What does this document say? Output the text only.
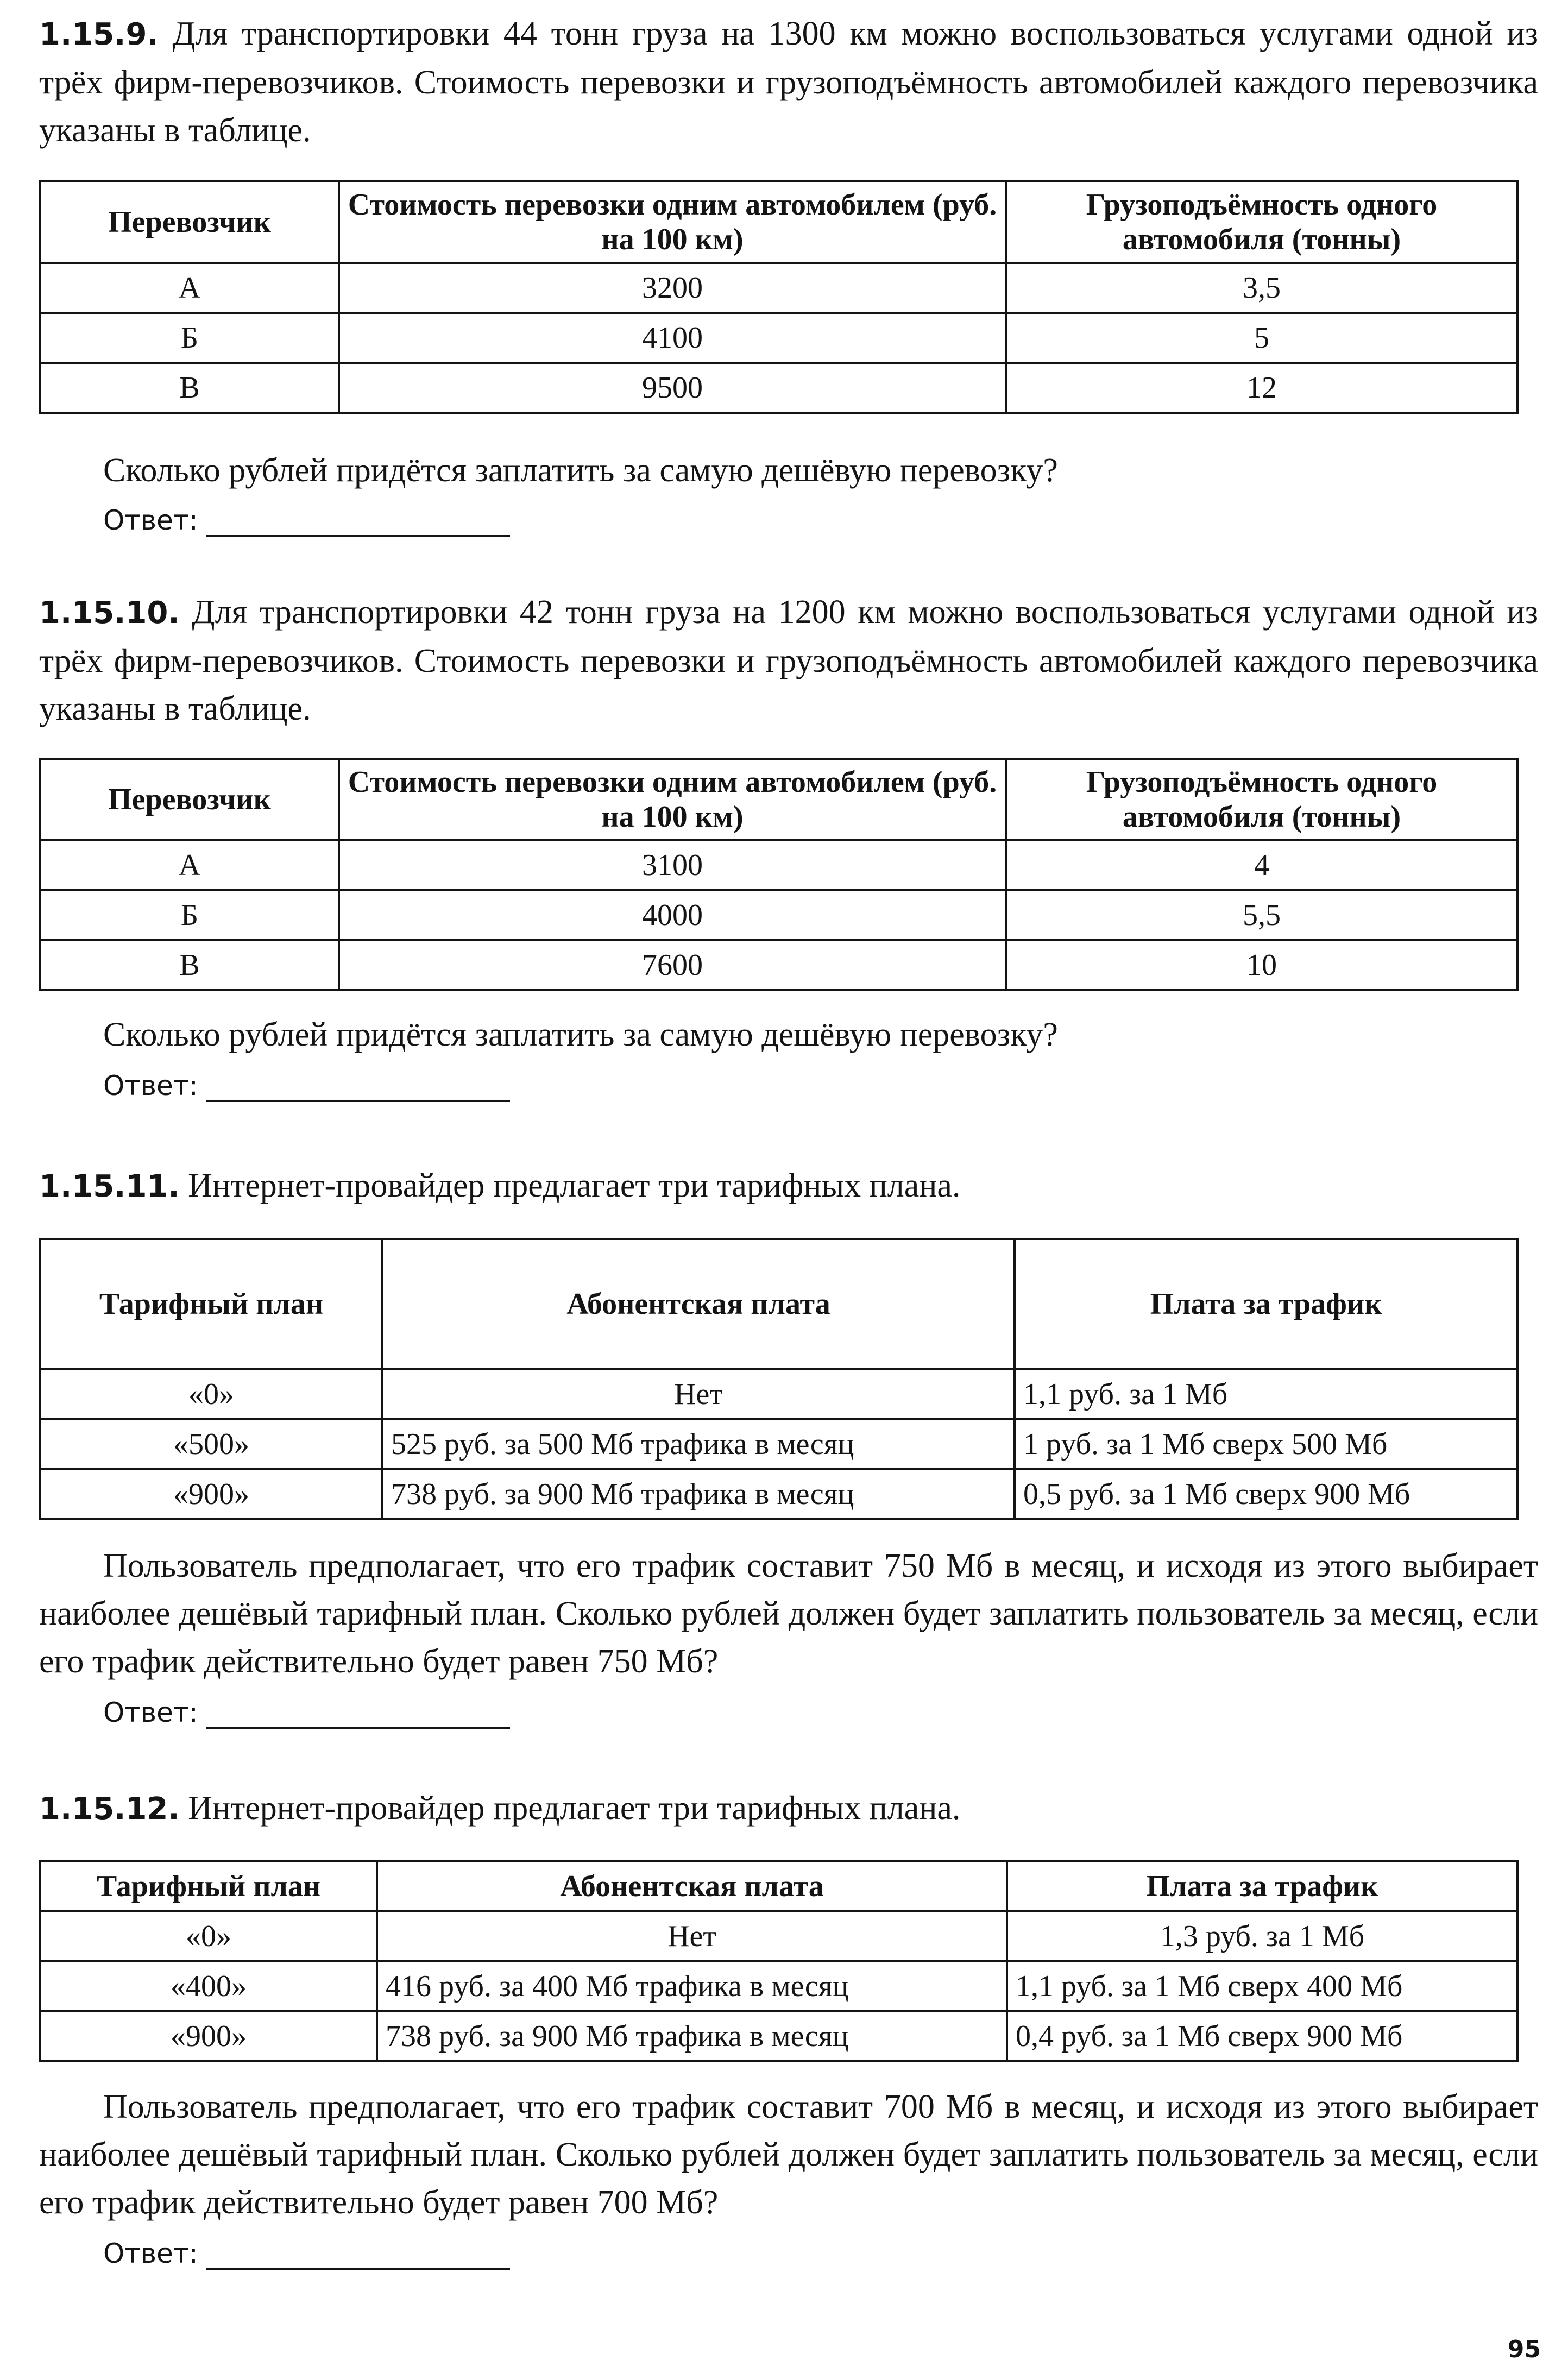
1.15.9. Для транспортировки 44 тонн груза на 1300 км можно воспользоваться услугами одной из трёх фирм-перевозчиков. Стоимость перевозки и грузоподъёмность автомобилей каждого перевозчика указаны в таблице.

Перевозчик	Стоимость перевозки одним автомобилем (руб. на 100 км)	Грузоподъёмность одного автомобиля (тонны)
А	3200	3,5
Б	4100	5
В	9500	12

Сколько рублей придётся заплатить за самую дешёвую перевозку?

Ответ:

1.15.10. Для транспортировки 42 тонн груза на 1200 км можно воспользоваться услугами одной из трёх фирм-перевозчиков. Стоимость перевозки и грузоподъёмность автомобилей каждого перевозчика указаны в таблице.

Перевозчик	Стоимость перевозки одним автомобилем (руб. на 100 км)	Грузоподъёмность одного автомобиля (тонны)
А	3100	4
Б	4000	5,5
В	7600	10

Сколько рублей придётся заплатить за самую дешёвую перевозку?

Ответ:

1.15.11. Интернет-провайдер предлагает три тарифных плана.

Тарифный план	Абонентская плата	Плата за трафик
«0»	Нет	1,1 руб. за 1 Мб
«500»	525 руб. за 500 Мб трафика в месяц	1 руб. за 1 Мб сверх 500 Мб
«900»	738 руб. за 900 Мб трафика в месяц	0,5 руб. за 1 Мб сверх 900 Мб

Пользователь предполагает, что его трафик составит 750 Мб в месяц, и исходя из этого выбирает наиболее дешёвый тарифный план. Сколько рублей должен будет заплатить пользователь за месяц, если его трафик действительно будет равен 750 Мб?

Ответ:

1.15.12. Интернет-провайдер предлагает три тарифных плана.

Тарифный план	Абонентская плата	Плата за трафик
«0»	Нет	1,3 руб. за 1 Мб
«400»	416 руб. за 400 Мб трафика в месяц	1,1 руб. за 1 Мб сверх 400 Мб
«900»	738 руб. за 900 Мб трафика в месяц	0,4 руб. за 1 Мб сверх 900 Мб

Пользователь предполагает, что его трафик составит 700 Мб в месяц, и исходя из этого выбирает наиболее дешёвый тарифный план. Сколько рублей должен будет заплатить пользователь за месяц, если его трафик действительно будет равен 700 Мб?

Ответ:
95
